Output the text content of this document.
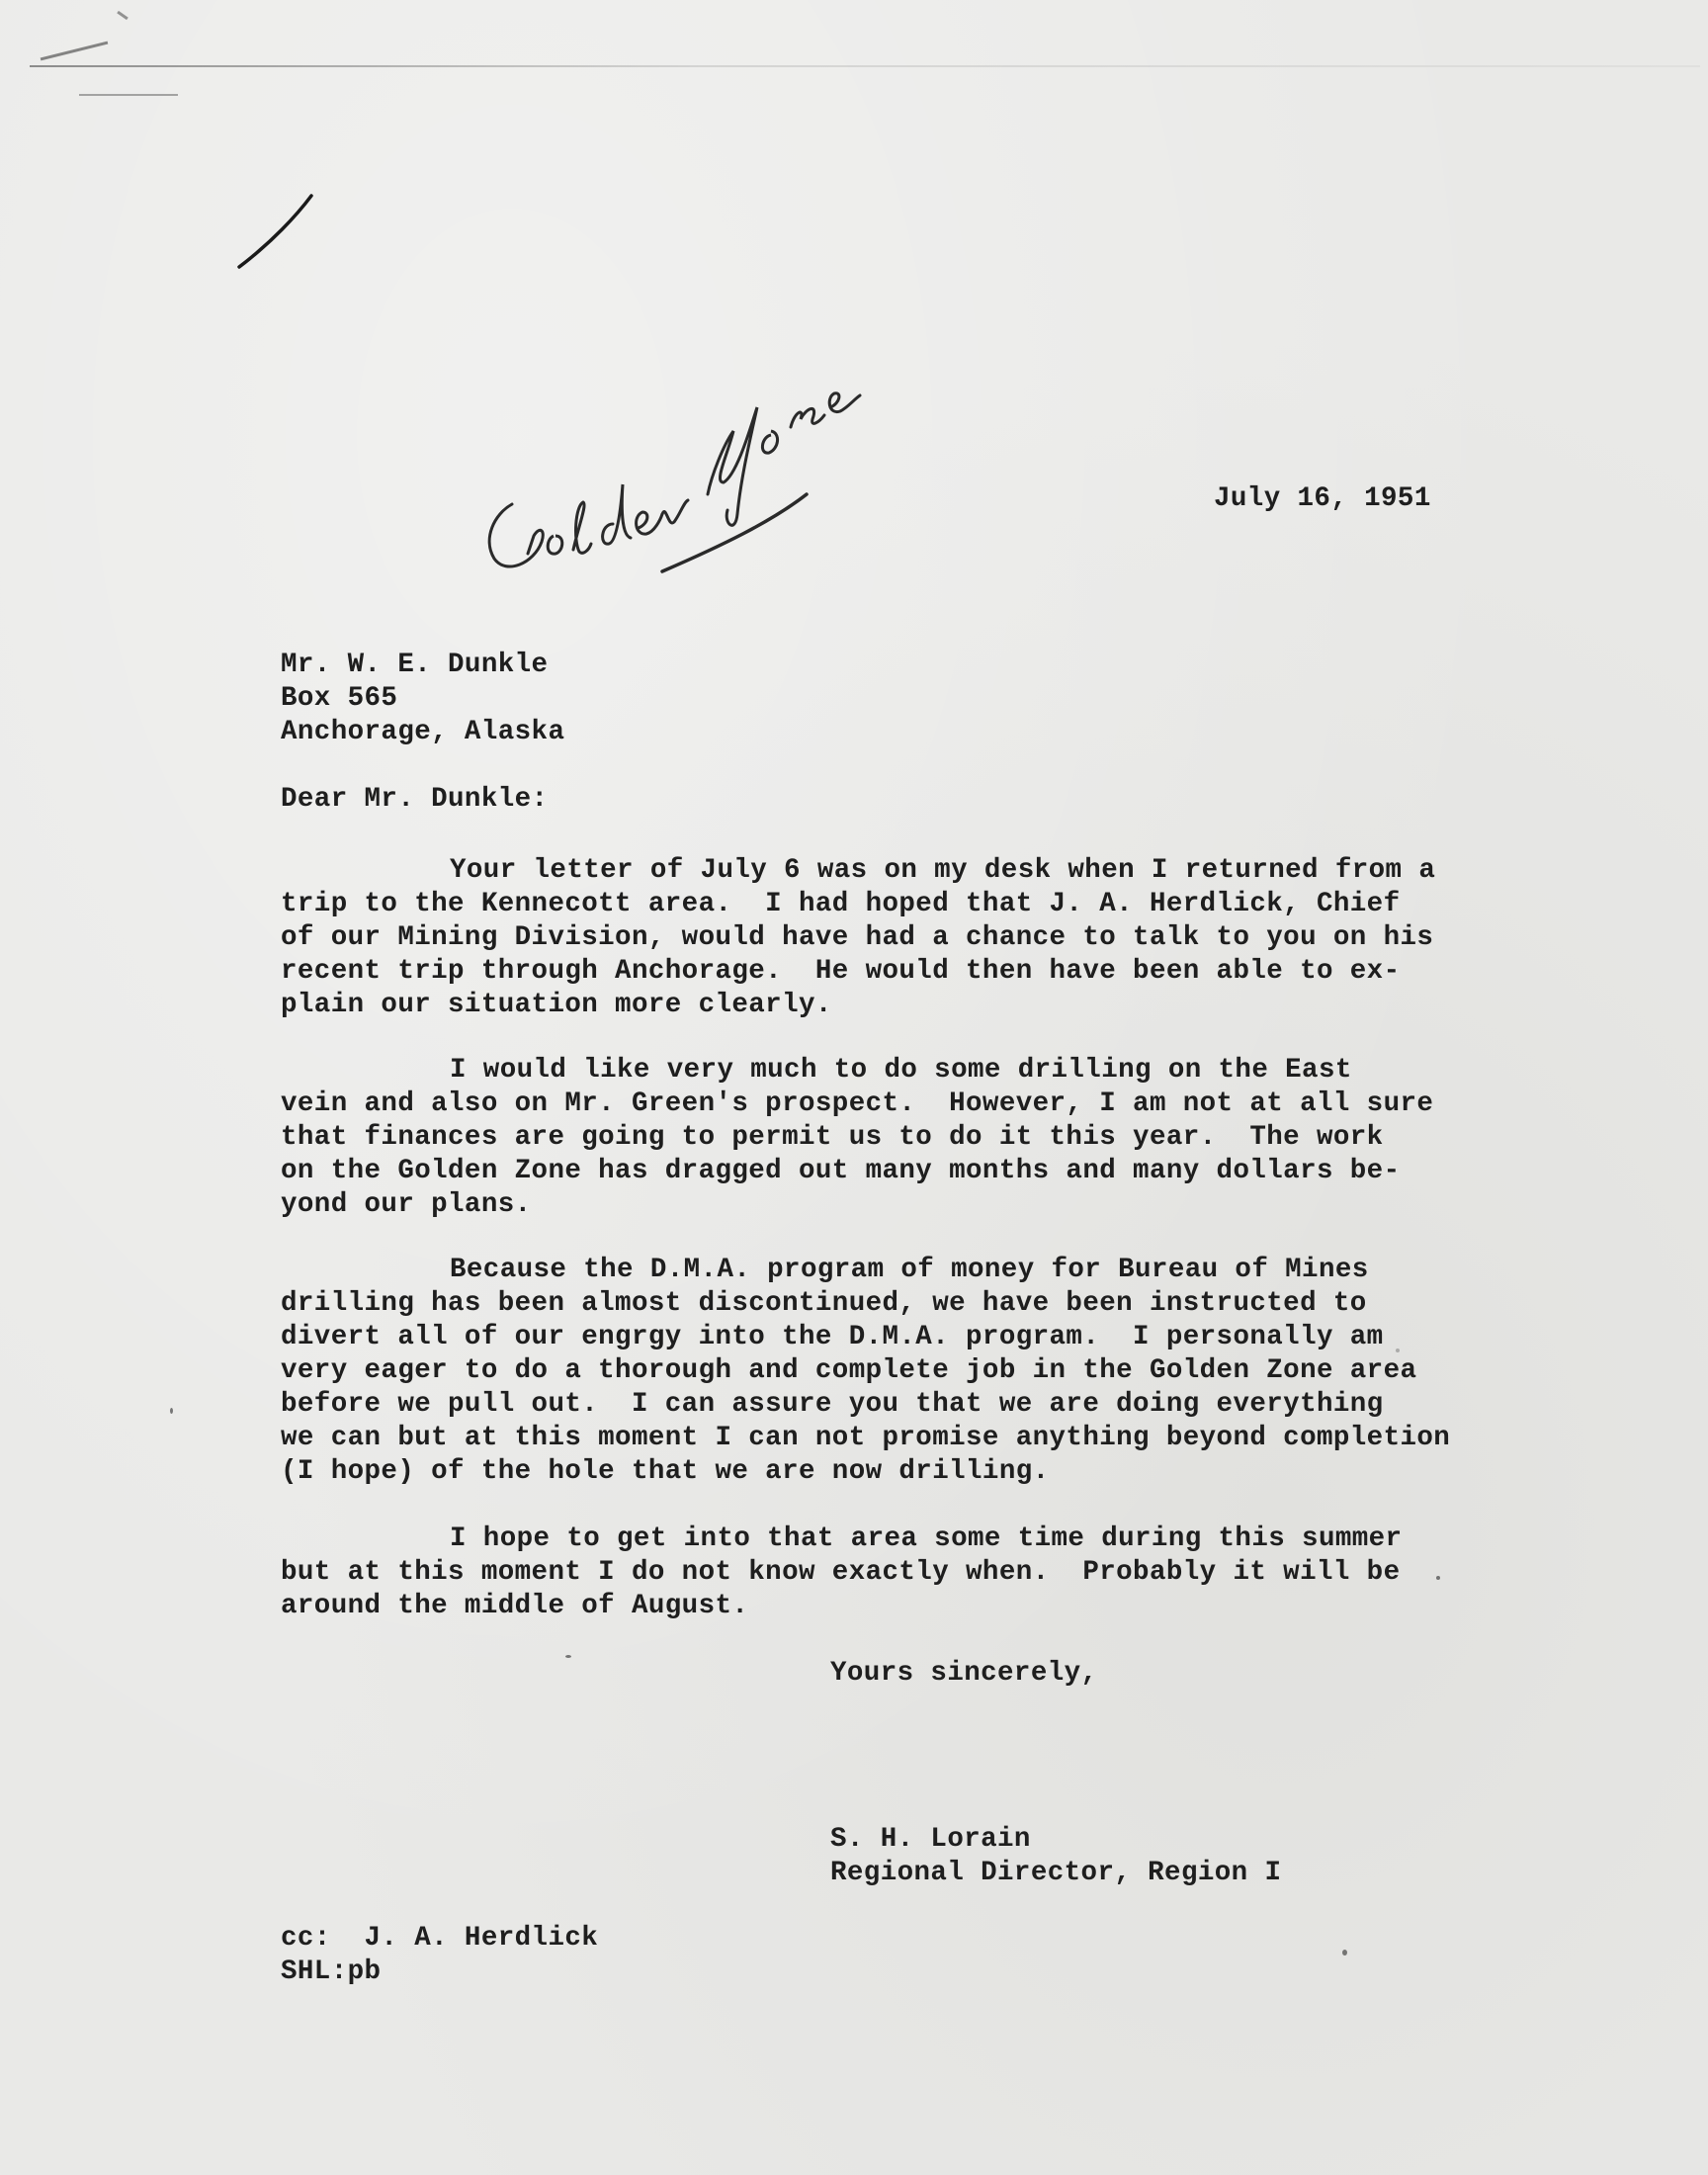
July 16, 1951
Mr. W. E. Dunkle
Box 565
Anchorage, Alaska
Dear Mr. Dunkle:
Your letter of July 6 was on my desk when I returned from a
trip to the Kennecott area.  I had hoped that J. A. Herdlick, Chief
of our Mining Division, would have had a chance to talk to you on his
recent trip through Anchorage.  He would then have been able to ex-
plain our situation more clearly.
I would like very much to do some drilling on the East
vein and also on Mr. Green's prospect.  However, I am not at all sure
that finances are going to permit us to do it this year.  The work
on the Golden Zone has dragged out many months and many dollars be-
yond our plans.
Because the D.M.A. program of money for Bureau of Mines
drilling has been almost discontinued, we have been instructed to
divert all of our engrgy into the D.M.A. program.  I personally am
very eager to do a thorough and complete job in the Golden Zone area
before we pull out.  I can assure you that we are doing everything
we can but at this moment I can not promise anything beyond completion
(I hope) of the hole that we are now drilling.
I hope to get into that area some time during this summer
but at this moment I do not know exactly when.  Probably it will be
around the middle of August.
Yours sincerely,
S. H. Lorain
Regional Director, Region I
cc:  J. A. Herdlick
SHL:pb
